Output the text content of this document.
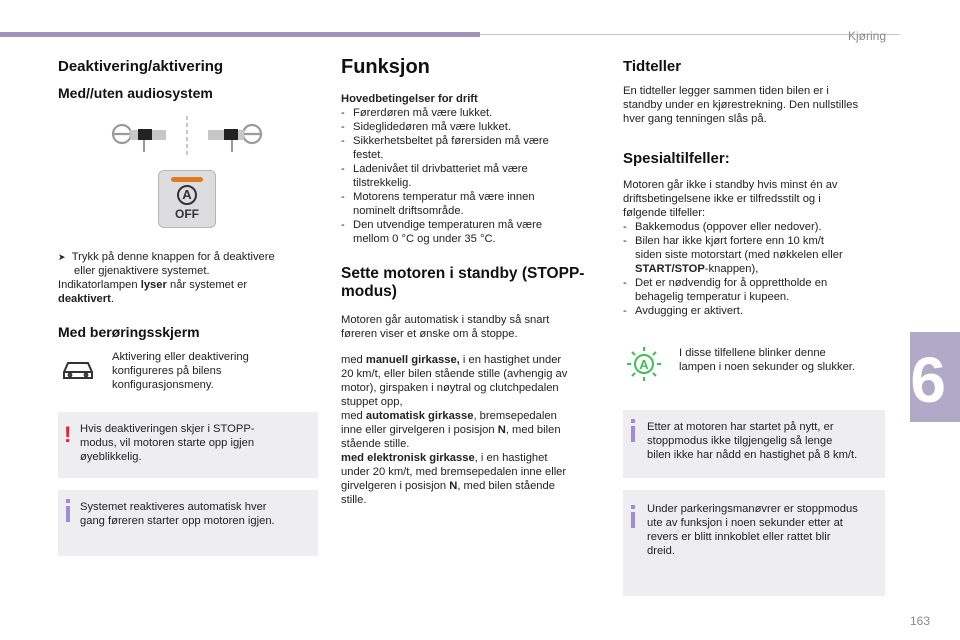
Kjøring
6
163
Deaktivering/aktivering
Med//uten audiosystem
A
OFF
➤ Trykk på denne knappen for å deaktivere
eller gjenaktivere systemet.
Indikatorlampen lyser når systemet er
deaktivert.
Med berøringsskjerm
Aktivering eller deaktivering
konfigureres på bilens
konfigurasjonsmeny.
! Hvis deaktiveringen skjer i STOPP-
modus, vil motoren starte opp igjen
øyeblikkelig.
Systemet reaktiveres automatisk hver
gang føreren starter opp motoren igjen.
Funksjon
Hovedbetingelser for drift
- Førerdøren må være lukket.
- Sideglidedøren må være lukket.
- Sikkerhetsbeltet på førersiden må være
festet.
- Ladenivået til drivbatteriet må være
tilstrekkelig.
- Motorens temperatur må være innen
nominelt driftsområde.
- Den utvendige temperaturen må være
mellom 0 °C og under 35 °C.
Sette motoren i standby (STOPP-
modus)
Motoren går automatisk i standby så snart
føreren viser et ønske om å stoppe.
med manuell girkasse, i en hastighet under
20 km/t, eller bilen stående stille (avhengig av
motor), girspaken i nøytral og clutchpedalen
stuppet opp,
med automatisk girkasse, bremsepedalen
inne eller girvelgeren i posisjon N, med bilen
stående stille.
med elektronisk girkasse, i en hastighet
under 20 km/t, med bremsepedalen inne eller
girvelgeren i posisjon N, med bilen stående
stille.
Tidteller
En tidteller legger sammen tiden bilen er i
standby under en kjørestrekning. Den nullstilles
hver gang tenningen slås på.
Spesialtilfeller:
Motoren går ikke i standby hvis minst én av
driftsbetingelsene ikke er tilfredsstilt og i
følgende tilfeller:
- Bakkemodus (oppover eller nedover).
- Bilen har ikke kjørt fortere enn 10 km/t
siden siste motorstart (med nøkkelen eller
START/STOP-knappen),
- Det er nødvendig for å opprettholde en
behagelig temperatur i kupeen.
- Avdugging er aktivert.
A
I disse tilfellene blinker denne
lampen i noen sekunder og slukker.
Etter at motoren har startet på nytt, er
stoppmodus ikke tilgjengelig så lenge
bilen ikke har nådd en hastighet på 8 km/t.
Under parkeringsmanøvrer er stoppmodus
ute av funksjon i noen sekunder etter at
revers er blitt innkoblet eller rattet blir
dreid.
